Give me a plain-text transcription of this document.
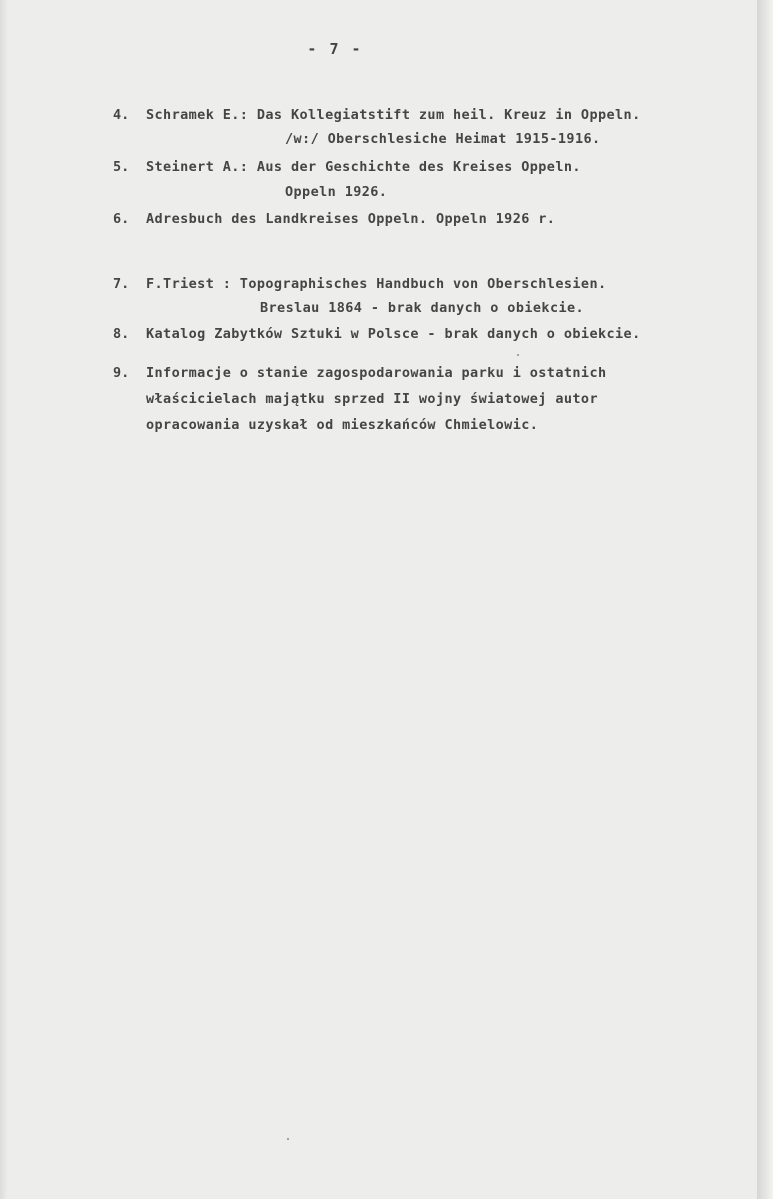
- 7 -
4. Schramek E.: Das Kollegiatstift zum heil. Kreuz in Oppeln.
/w:/ Oberschlesiche Heimat 1915-1916.
5. Steinert A.: Aus der Geschichte des Kreises Oppeln.
Oppeln 1926.
6. Adresbuch des Landkreises Oppeln. Oppeln 1926 r.
7. F.Triest : Topographisches Handbuch von Oberschlesien.
Breslau 1864 - brak danych o obiekcie.
8. Katalog Zabytków Sztuki w Polsce - brak danych o obiekcie.
9. Informacje o stanie zagospodarowania parku i ostatnich
właścicielach majątku sprzed II wojny światowej autor
opracowania uzyskał od mieszkańców Chmielowic.
